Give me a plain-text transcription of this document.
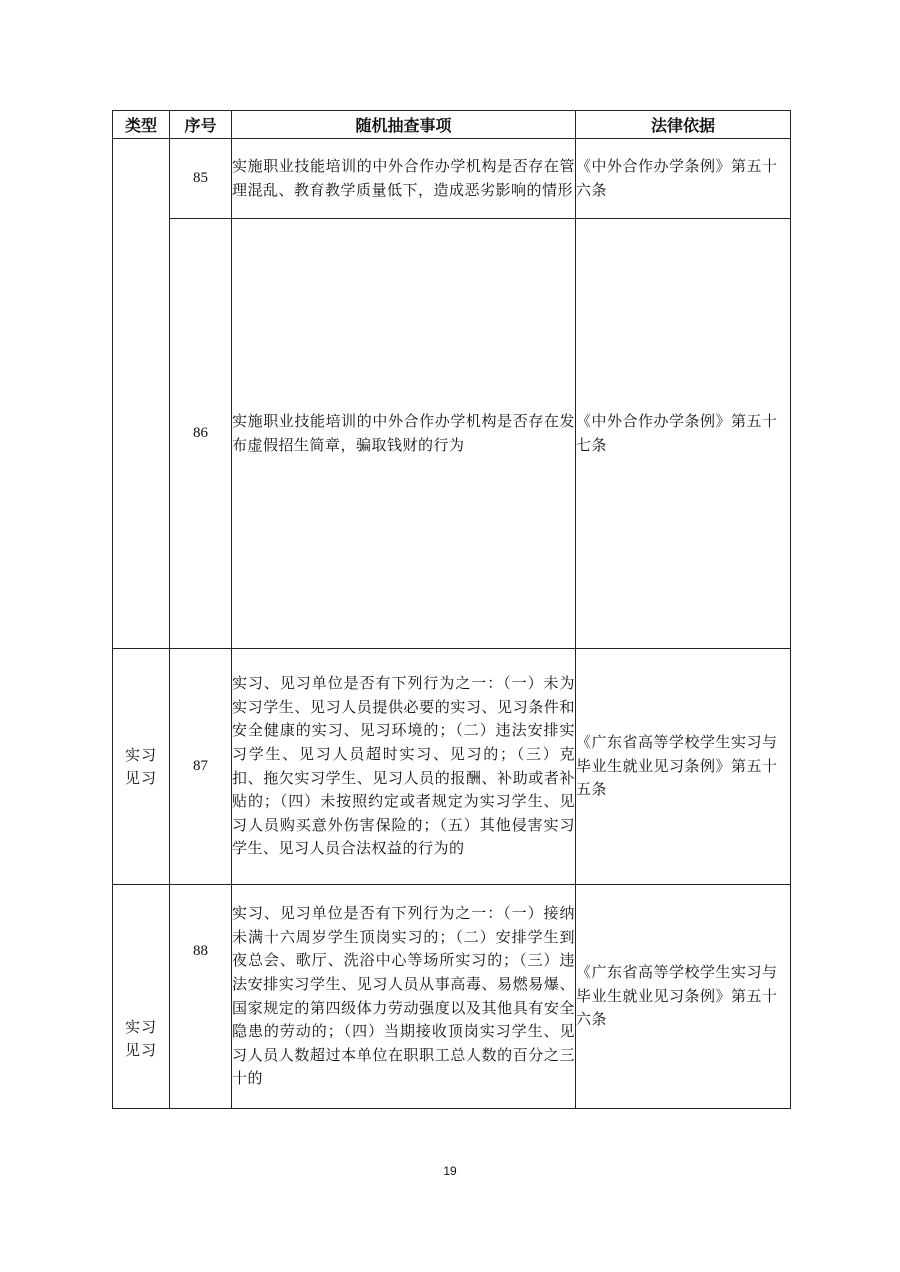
类型	序号	随机抽查事项	法律依据
	85	实施职业技能培训的中外合作办学机构是否存在管理混乱、教育教学质量低下，造成恶劣影响的情形	《中外合作办学条例》第五十六条
	86	实施职业技能培训的中外合作办学机构是否存在发布虚假招生简章，骗取钱财的行为	《中外合作办学条例》第五十七条

实习见习	87	实习、见习单位是否有下列行为之一：（一）未为实习学生、见习人员提供必要的实习、见习条件和安全健康的实习、见习环境的；（二）违法安排实习学生、见习人员超时实习、见习的；（三）克扣、拖欠实习学生、见习人员的报酬、补助或者补贴的；（四）未按照约定或者规定为实习学生、见习人员购买意外伤害保险的；（五）其他侵害实习学生、见习人员合法权益的行为的	《广东省高等学校学生实习与毕业生就业见习条例》第五十五条

实习见习	88	实习、见习单位是否有下列行为之一：（一）接纳未满十六周岁学生顶岗实习的；（二）安排学生到夜总会、歌厅、洗浴中心等场所实习的；（三）违法安排实习学生、见习人员从事高毒、易燃易爆、国家规定的第四级体力劳动强度以及其他具有安全隐患的劳动的；（四）当期接收顶岗实习学生、见习人员人数超过本单位在职职工总人数的百分之三十的	《广东省高等学校学生实习与毕业生就业见习条例》第五十六条
19
